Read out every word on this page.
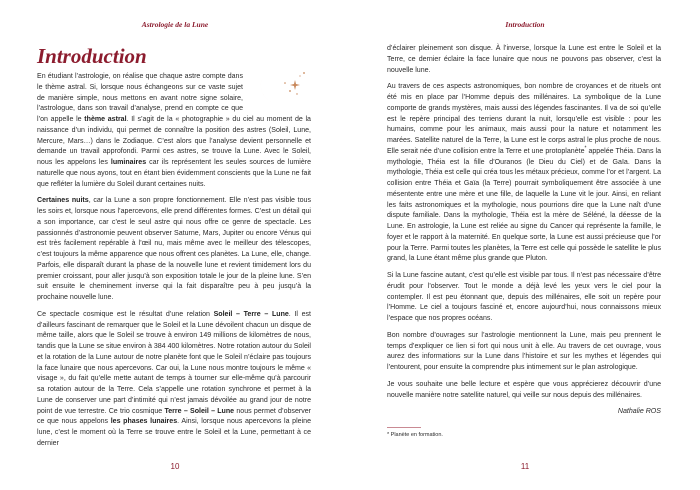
Astrologie de la Lune
Introduction

En étudiant l’astrologie, on réalise que chaque astre compte dans le thème astral. Si, lorsque nous échangeons sur ce vaste sujet de manière simple, nous mettons en avant notre signe solaire, l’astrologue, dans son travail d’analyse, prend en compte ce que l’on appelle le thème astral. Il s’agit de la « photographie » du ciel au moment de la naissance d’un individu, qui permet de connaître la position des astres (Soleil, Lune, Mercure, Mars…) dans le Zodiaque. C’est alors que l’analyse devient personnelle et demande un travail approfondi. Parmi ces astres, se trouve la Lune. Avec le Soleil, nous les appelons les luminaires car ils représentent les seules sources de lumière naturelle que nous ayons, tout en étant bien évidemment conscients que la Lune ne fait que refléter la lumière du Soleil durant certaines nuits.

Certaines nuits, car la Lune a son propre fonctionnement. Elle n’est pas visible tous les soirs et, lorsque nous l’apercevons, elle prend différentes formes. C’est un détail qui a son importance, car c’est le seul astre qui nous offre ce genre de spectacle. Les passionnés d’astronomie peuvent observer Saturne, Mars, Jupiter ou encore Vénus qui est très facilement repérable à l’œil nu, mais même avec le meilleur des télescopes, c’est toujours la même apparence que nous offrent ces planètes. La Lune, elle, change. Parfois, elle disparaît durant la phase de la nouvelle lune et revient timidement lors du premier croissant, pour aller jusqu’à son exposition totale le jour de la pleine lune. S’en suit ensuite le cheminement inverse qui la fait disparaître peu à peu jusqu’à la prochaine nouvelle lune.

Ce spectacle cosmique est le résultat d’une relation Soleil – Terre – Lune. Il est d’ailleurs fascinant de remarquer que le Soleil et la Lune dévoilent chacun un disque de même taille, alors que le Soleil se trouve à environ 149 millions de kilomètres de nous, tandis que la Lune se situe environ à 384 400 kilomètres. Notre rotation autour du Soleil et la rotation de la Lune autour de notre planète font que le Soleil n’éclaire pas toujours la face lunaire que nous apercevons. Car oui, la Lune nous montre toujours le même « visage », du fait qu’elle mette autant de temps à tourner sur elle-même qu’à parcourir sa rotation autour de la Terre. Cela s’appelle une rotation synchrone et permet à la Lune de conserver une part d’intimité qui n’est jamais dévoilée au grand jour de notre point de vue terrestre. Ce trio cosmique Terre – Soleil – Lune nous permet d’observer ce que nous appelons les phases lunaires. Ainsi, lorsque nous apercevons la pleine lune, c’est le moment où la Terre se trouve entre le Soleil et la Lune, permettant à ce dernier

10
Introduction

d’éclairer pleinement son disque. À l’inverse, lorsque la Lune est entre le Soleil et la Terre, ce dernier éclaire la face lunaire que nous ne pouvons pas observer, c’est la nouvelle lune.

Au travers de ces aspects astronomiques, bon nombre de croyances et de rituels ont été mis en place par l’Homme depuis des millénaires. La symbolique de la Lune comporte de grands mystères, mais aussi des légendes fascinantes. Il va de soi qu’elle est le repère principal des terriens durant la nuit, lorsqu’elle est visible : pour les humains, comme pour les animaux, mais aussi pour la nature et notamment les marées. Satellite naturel de la Terre, la Lune est le corps astral le plus proche de nous. Elle serait née d’une collision entre la Terre et une protoplanète* appelée Théia. Dans la mythologie, Théia est la fille d’Ouranos (le Dieu du Ciel) et de Gaïa. Dans la mythologie, Théia est celle qui créa tous les métaux précieux, comme l’or et l’argent. La collision entre Théia et Gaïa (la Terre) pourrait symboliquement être associée à une mésentente entre une mère et une fille, de laquelle la Lune vit le jour. Ainsi, en reliant les faits astronomiques et la mythologie, nous pourrions dire que la Lune naît d’une dispute familiale. Dans la mythologie, Théia est la mère de Séléné, la déesse de la Lune. En astrologie, la Lune est reliée au signe du Cancer qui représente la famille, le foyer et le rapport à la maternité. En quelque sorte, la Lune est aussi précieuse que l’or pour la Terre. Parmi toutes les planètes, la Terre est celle qui possède le satellite le plus grand, la Lune étant même plus grande que Pluton.

Si la Lune fascine autant, c’est qu’elle est visible par tous. Il n’est pas nécessaire d’être érudit pour l’observer. Tout le monde a déjà levé les yeux vers le ciel pour la contempler. Il est peu étonnant que, depuis des millénaires, elle soit un repère pour l’Homme. Le ciel a toujours fasciné et, encore aujourd’hui, nous connaissons mieux l’espace que nos propres océans.

Bon nombre d’ouvrages sur l’astrologie mentionnent la Lune, mais peu prennent le temps d’expliquer ce lien si fort qui nous unit à elle. Au travers de cet ouvrage, vous aurez des informations sur la Lune dans l’histoire et sur les mythes et légendes qui l’entourent, pour ensuite la comprendre plus intimement sur le plan astrologique.

Je vous souhaite une belle lecture et espère que vous apprécierez découvrir d’une nouvelle manière notre satellite naturel, qui veille sur nous depuis des millénaires.

Nathalie ROS

* Planète en formation.
11
